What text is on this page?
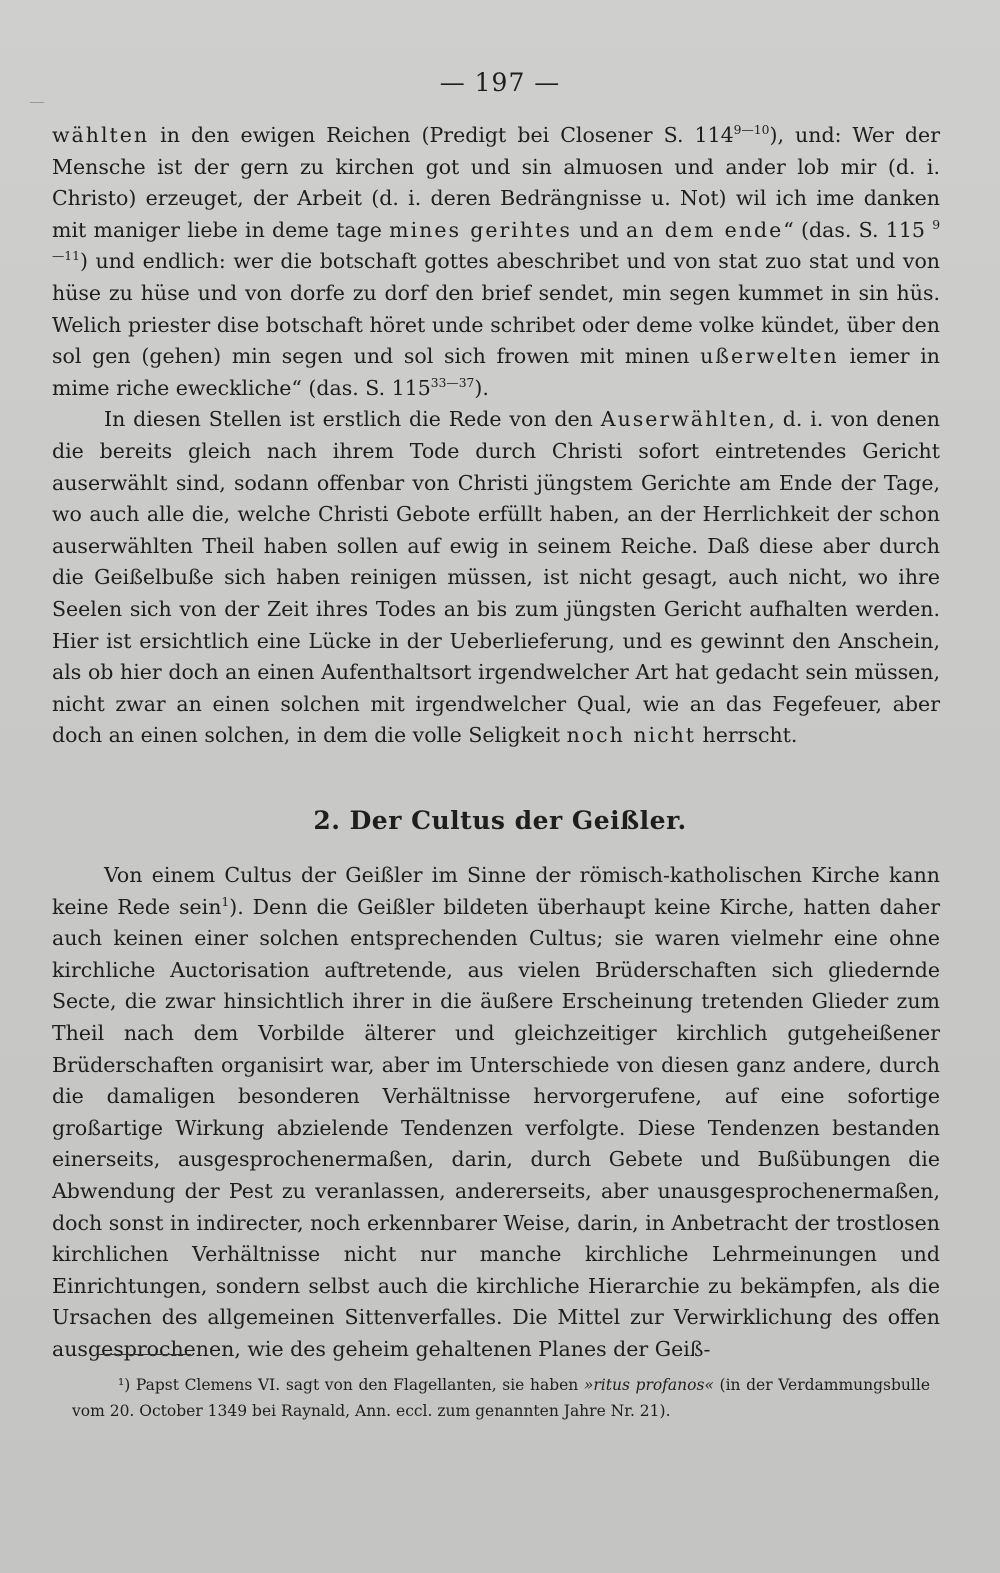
— 197 —

wählten in den ewigen Reichen (Predigt bei Closener S. $114^{9—10}$), und: Wer der Mensche ist der gern zu kirchen got und sin almuosen und ander lob mir (d. i. Christo) erzeuget, der Arbeit (d. i. deren Bedrängnisse u. Not) wil ich ime danken mit maniger liebe in deme tage mines gerihtes und an dem ende“ (das. S. 115 $^{9—11}$) und endlich: wer die botschaft gottes abeschribet und von stat zuo stat und von hüse zu hüse und von dorfe zu dorf den brief sendet, min segen kummet in sin hüs. Welich priester dise botschaft höret unde schribet oder deme volke kündet, über den sol gen (gehen) min segen und sol sich frowen mit minen ußerwelten iemer in mime riche eweckliche“ (das. S. $115^{33—37}$).

In diesen Stellen ist erstlich die Rede von den Auserwählten, d. i. von denen die bereits gleich nach ihrem Tode durch Christi sofort eintretendes Gericht auserwählt sind, sodann offenbar von Christi jüngstem Gerichte am Ende der Tage, wo auch alle die, welche Christi Gebote erfüllt haben, an der Herrlichkeit der schon auserwählten Theil haben sollen auf ewig in seinem Reiche. Daß diese aber durch die Geißelbuße sich haben reinigen müssen, ist nicht gesagt, auch nicht, wo ihre Seelen sich von der Zeit ihres Todes an bis zum jüngsten Gericht aufhalten werden. Hier ist ersichtlich eine Lücke in der Ueberlieferung, und es gewinnt den Anschein, als ob hier doch an einen Aufenthaltsort irgendwelcher Art hat gedacht sein müssen, nicht zwar an einen solchen mit irgendwelcher Qual, wie an das Fegefeuer, aber doch an einen solchen, in dem die volle Seligkeit noch nicht herrscht.

2. Der Cultus der Geißler.

Von einem Cultus der Geißler im Sinne der römisch-katholischen Kirche kann keine Rede sein$^1$). Denn die Geißler bildeten überhaupt keine Kirche, hatten daher auch keinen einer solchen entsprechenden Cultus; sie waren vielmehr eine ohne kirchliche Auctorisation auftretende, aus vielen Brüderschaften sich gliedernde Secte, die zwar hinsichtlich ihrer in die äußere Erscheinung tretenden Glieder zum Theil nach dem Vorbilde älterer und gleichzeitiger kirchlich gutgeheißener Brüderschaften organisirt war, aber im Unterschiede von diesen ganz andere, durch die damaligen besonderen Verhältnisse hervorgerufene, auf eine sofortige großartige Wirkung abzielende Tendenzen verfolgte. Diese Tendenzen bestanden einerseits, ausgesprochenermaßen, darin, durch Gebete und Bußübungen die Abwendung der Pest zu veranlassen, andererseits, aber unausgesprochenermaßen, doch sonst in indirecter, noch erkennbarer Weise, darin, in Anbetracht der trostlosen kirchlichen Verhältnisse nicht nur manche kirchliche Lehrmeinungen und Einrichtungen, sondern selbst auch die kirchliche Hierarchie zu bekämpfen, als die Ursachen des allgemeinen Sittenverfalles. Die Mittel zur Verwirklichung des offen ausgesprochenen, wie des geheim gehaltenen Planes der Geiß-

¹) Papst Clemens VI. sagt von den Flagellanten, sie haben »ritus profanos« (in der Verdammungsbulle vom 20. October 1349 bei Raynald, Ann. eccl. zum genannten Jahre Nr. 21).
